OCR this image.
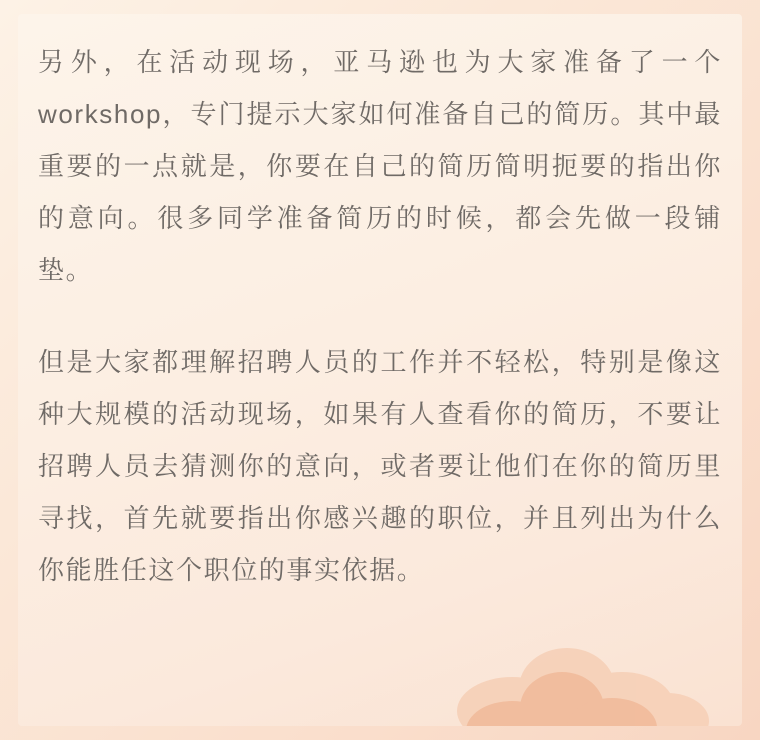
另外，在活动现场，亚马逊也为大家准备了一个workshop，专门提示大家如何准备自己的简历。其中最重要的一点就是，你要在自己的简历简明扼要的指出你的意向。很多同学准备简历的时候，都会先做一段铺垫。

但是大家都理解招聘人员的工作并不轻松，特别是像这种大规模的活动现场，如果有人查看你的简历，不要让招聘人员去猜测你的意向，或者要让他们在你的简历里寻找，首先就要指出你感兴趣的职位，并且列出为什么你能胜任这个职位的事实依据。
